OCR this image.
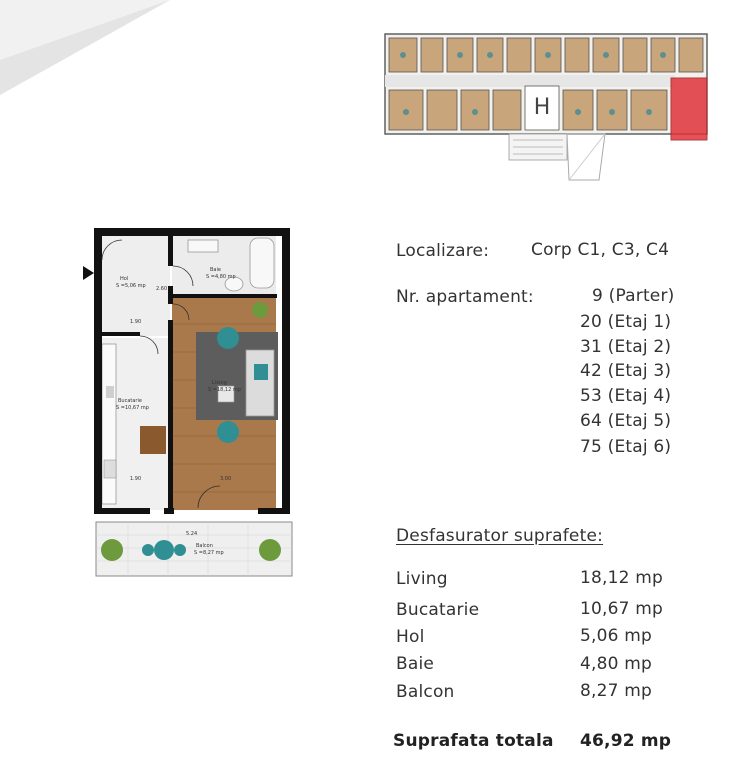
H
Hol
S =5,06 mp
Baie
S =4,80 mp
Living
S =18,12 mp
Bucatarie
S =10,67 mp
Balcon
S =8,27 mp
1.90
2.60
1.90	3.00
5.24
Localizare: Corp C1, C3, C4
Nr. apartament:	9 (Parter)
20 (Etaj 1)
31 (Etaj 2)
42 (Etaj 3)
53 (Etaj 4)
64 (Etaj 5)
75 (Etaj 6)
Desfasurator suprafete:
Living	18,12 mp
Bucatarie	10,67 mp
Hol	5,06 mp
Baie	4,80 mp
Balcon	8,27 mp
Suprafata totala 46,92 mp
